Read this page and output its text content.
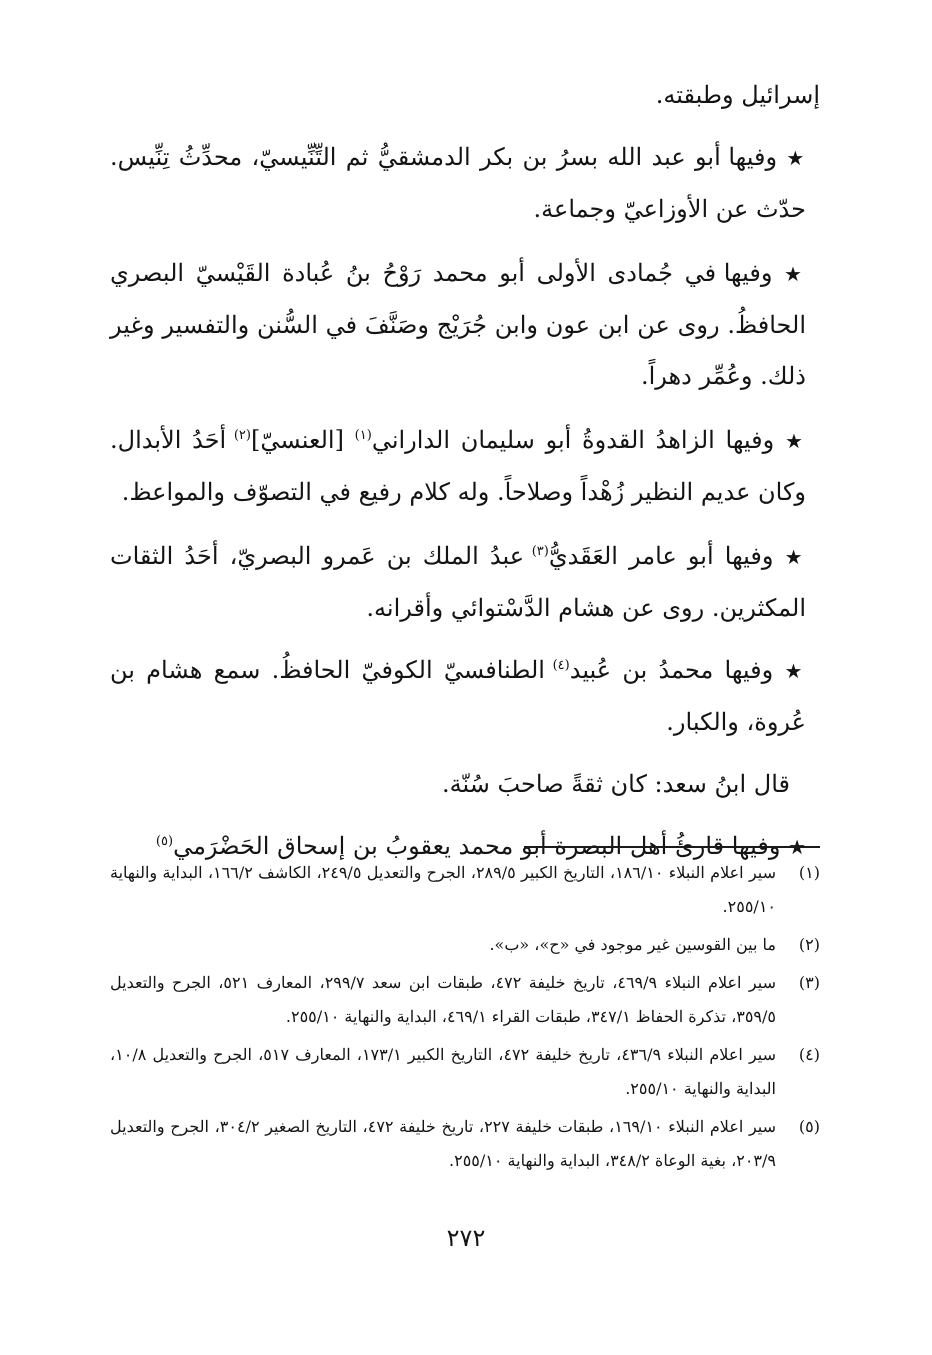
إسرائيل وطبقته.

★ وفيها أبو عبد الله بسرُ بن بكر الدمشقيُّ ثم التِّنِّيسيّ، محدِّثُ تِنِّيس. حدّث عن الأوزاعيّ وجماعة.

★ وفيها في جُمادى الأولى أبو محمد رَوْحُ بنُ عُبادة القَيْسيّ البصري الحافظُ. روى عن ابن عون وابن جُرَيْج وصَنَّفَ في السُّنن والتفسير وغير ذلك. وعُمِّر دهراً.

★ وفيها الزاهدُ القدوةُ أبو سليمان الداراني$^{(١)}$ [العنسيّ]$^{(٢)}$ أحَدُ الأبدال. وكان عديم النظير زُهْداً وصلاحاً. وله كلام رفيع في التصوّف والمواعظ.

★ وفيها أبو عامر العَقَديُّ$^{(٣)}$ عبدُ الملك بن عَمرو البصريّ، أحَدُ الثقات المكثرين. روى عن هشام الدَّسْتوائي وأقرانه.

★ وفيها محمدُ بن عُبيد$^{(٤)}$ الطنافسيّ الكوفيّ الحافظُ. سمع هشام بن عُروة، والكبار.

قال ابنُ سعد: كان ثقةً صاحبَ سُنّة.

★ وفيها قارئُ أهل البصرة أبو محمد يعقوبُ بن إسحاق الحَضْرَمي$^{(٥)}$

(١)
سير اعلام النبلاء ١٨٦/١٠، التاريخ الكبير ٢٨٩/٥، الجرح والتعديل ٢٤٩/٥، الكاشف ١٦٦/٢، البداية والنهاية ٢٥٥/١٠.
(٢)
ما بين القوسين غير موجود في «ح»، «ب».
(٣)
سير اعلام النبلاء ٤٦٩/٩، تاريخ خليفة ٤٧٢، طبقات ابن سعد ٢٩٩/٧، المعارف ٥٢١، الجرح والتعديل ٣٥٩/٥، تذكرة الحفاظ ٣٤٧/١، طبقات القراء ٤٦٩/١، البداية والنهاية ٢٥٥/١٠.
(٤)
سير اعلام النبلاء ٤٣٦/٩، تاريخ خليفة ٤٧٢، التاريخ الكبير ١٧٣/١، المعارف ٥١٧، الجرح والتعديل ١٠/٨، البداية والنهاية ٢٥٥/١٠.
(٥)
سير اعلام النبلاء ١٦٩/١٠، طبقات خليفة ٢٢٧، تاريخ خليفة ٤٧٢، التاريخ الصغير ٣٠٤/٢، الجرح والتعديل ٢٠٣/٩، بغية الوعاة ٣٤٨/٢، البداية والنهاية ٢٥٥/١٠.
٢٧٢
